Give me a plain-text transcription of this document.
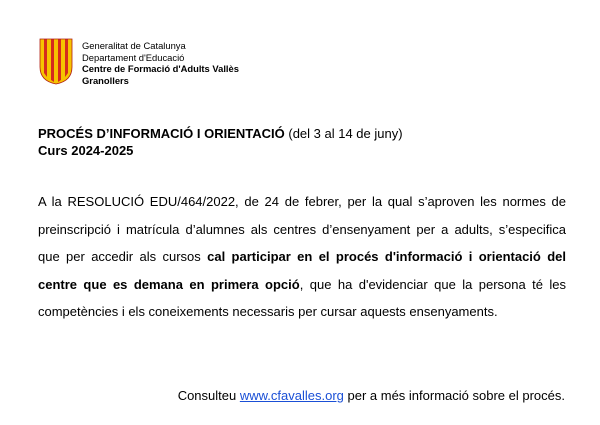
Generalitat de Catalunya
Departament d'Educació
Centre de Formació d'Adults Vallès
Granollers
PROCÉS D’INFORMACIÓ I ORIENTACIÓ (del 3 al 14 de juny)
Curs 2024-2025
A la RESOLUCIÓ EDU/464/2022, de 24 de febrer, per la qual s’aproven les normes de preinscripció i matrícula d’alumnes als centres d’ensenyament per a adults, s’especifica que per accedir als cursos cal participar en el procés d'informació i orientació del centre que es demana en primera opció, que ha d'evidenciar que la persona té les competències i els coneixements necessaris per cursar aquests ensenyaments.
Consulteu www.cfavalles.org per a més informació sobre el procés.
